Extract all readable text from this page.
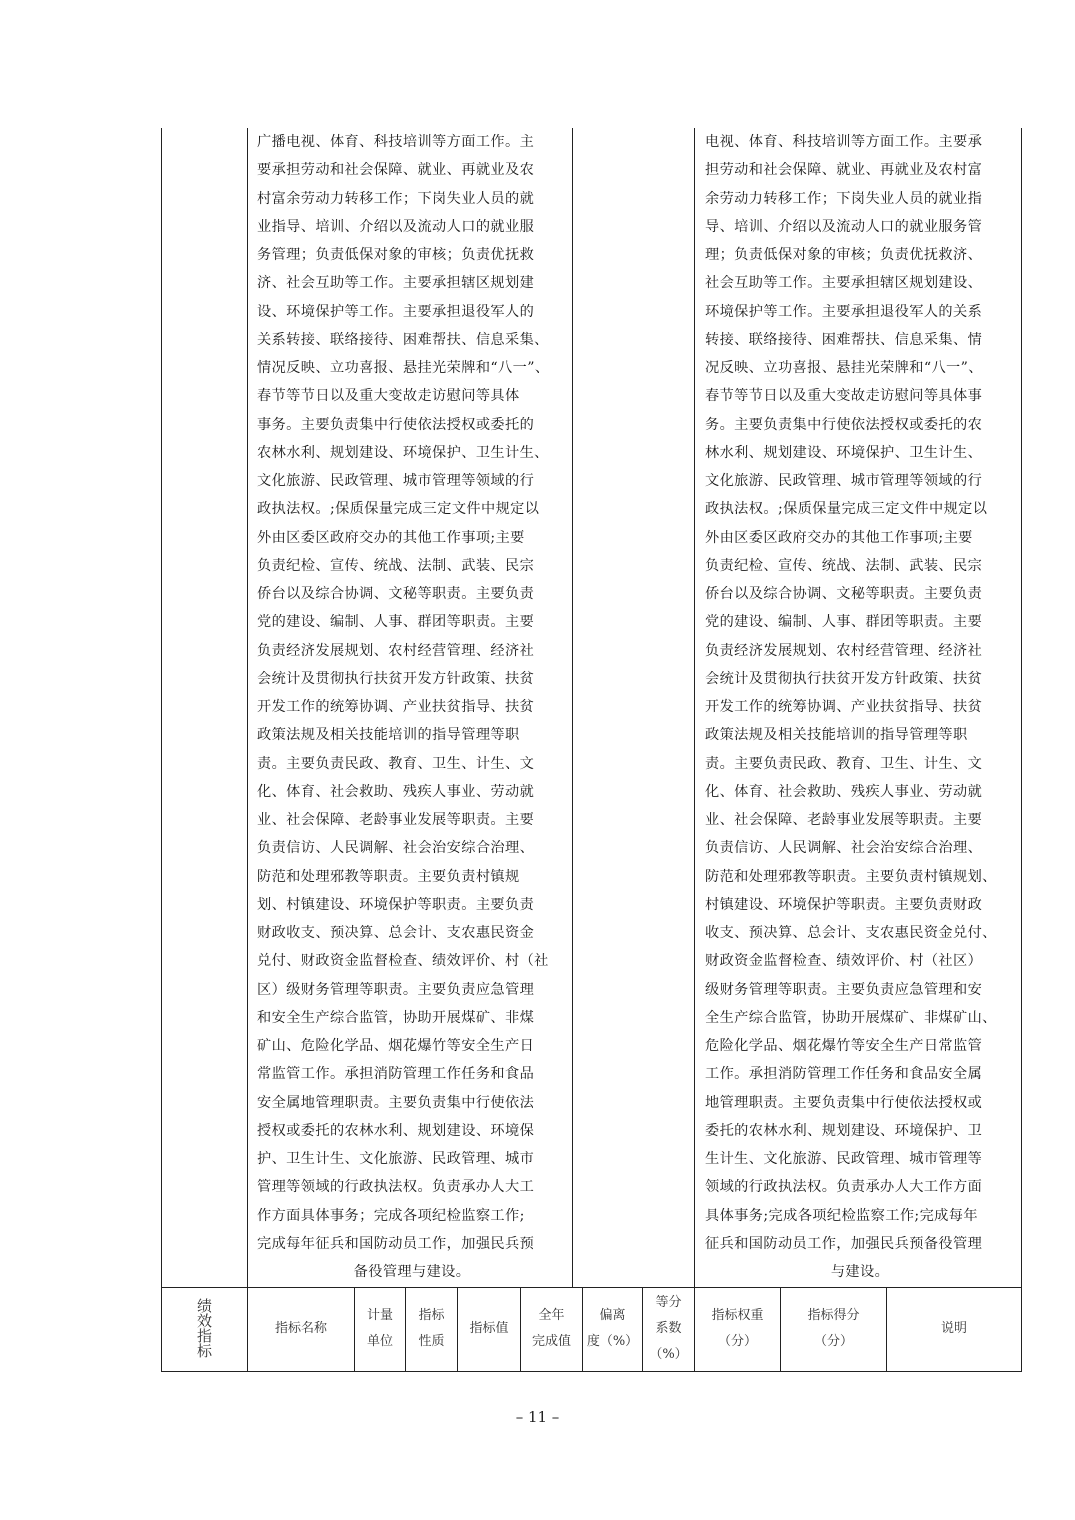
广播电视、体育、科技培训等方面工作。主
要承担劳动和社会保障、就业、再就业及农
村富余劳动力转移工作；下岗失业人员的就
业指导、培训、介绍以及流动人口的就业服
务管理；负责低保对象的审核；负责优抚救
济、社会互助等工作。主要承担辖区规划建
设、环境保护等工作。主要承担退役军人的
关系转接、联络接待、困难帮扶、信息采集、
情况反映、立功喜报、悬挂光荣牌和“八一”、
春节等节日以及重大变故走访慰问等具体
事务。主要负责集中行使依法授权或委托的
农林水利、规划建设、环境保护、卫生计生、
文化旅游、民政管理、城市管理等领域的行
政执法权。;保质保量完成三定文件中规定以
外由区委区政府交办的其他工作事项;主要
负责纪检、宣传、统战、法制、武装、民宗
侨台以及综合协调、文秘等职责。主要负责
党的建设、编制、人事、群团等职责。主要
负责经济发展规划、农村经营管理、经济社
会统计及贯彻执行扶贫开发方针政策、扶贫
开发工作的统筹协调、产业扶贫指导、扶贫
政策法规及相关技能培训的指导管理等职
责。主要负责民政、教育、卫生、计生、文
化、体育、社会救助、残疾人事业、劳动就
业、社会保障、老龄事业发展等职责。主要
负责信访、人民调解、社会治安综合治理、
防范和处理邪教等职责。主要负责村镇规
划、村镇建设、环境保护等职责。主要负责
财政收支、预决算、总会计、支农惠民资金
兑付、财政资金监督检查、绩效评价、村（社
区）级财务管理等职责。主要负责应急管理
和安全生产综合监管，协助开展煤矿、非煤
矿山、危险化学品、烟花爆竹等安全生产日
常监管工作。承担消防管理工作任务和食品
安全属地管理职责。主要负责集中行使依法
授权或委托的农林水利、规划建设、环境保
护、卫生计生、文化旅游、民政管理、城市
管理等领域的行政执法权。负责承办人大工
作方面具体事务；完成各项纪检监察工作;
完成每年征兵和国防动员工作，加强民兵预
备役管理与建设。
电视、体育、科技培训等方面工作。主要承
担劳动和社会保障、就业、再就业及农村富
余劳动力转移工作；下岗失业人员的就业指
导、培训、介绍以及流动人口的就业服务管
理；负责低保对象的审核；负责优抚救济、
社会互助等工作。主要承担辖区规划建设、
环境保护等工作。主要承担退役军人的关系
转接、联络接待、困难帮扶、信息采集、情
况反映、立功喜报、悬挂光荣牌和“八一”、
春节等节日以及重大变故走访慰问等具体事
务。主要负责集中行使依法授权或委托的农
林水利、规划建设、环境保护、卫生计生、
文化旅游、民政管理、城市管理等领域的行
政执法权。;保质保量完成三定文件中规定以
外由区委区政府交办的其他工作事项;主要
负责纪检、宣传、统战、法制、武装、民宗
侨台以及综合协调、文秘等职责。主要负责
党的建设、编制、人事、群团等职责。主要
负责经济发展规划、农村经营管理、经济社
会统计及贯彻执行扶贫开发方针政策、扶贫
开发工作的统筹协调、产业扶贫指导、扶贫
政策法规及相关技能培训的指导管理等职
责。主要负责民政、教育、卫生、计生、文
化、体育、社会救助、残疾人事业、劳动就
业、社会保障、老龄事业发展等职责。主要
负责信访、人民调解、社会治安综合治理、
防范和处理邪教等职责。主要负责村镇规划、
村镇建设、环境保护等职责。主要负责财政
收支、预决算、总会计、支农惠民资金兑付、
财政资金监督检查、绩效评价、村（社区）
级财务管理等职责。主要负责应急管理和安
全生产综合监管，协助开展煤矿、非煤矿山、
危险化学品、烟花爆竹等安全生产日常监管
工作。承担消防管理工作任务和食品安全属
地管理职责。主要负责集中行使依法授权或
委托的农林水利、规划建设、环境保护、卫
生计生、文化旅游、民政管理、城市管理等
领域的行政执法权。负责承办人大工作方面
具体事务;完成各项纪检监察工作;完成每年
征兵和国防动员工作，加强民兵预备役管理
与建设。
绩
效
指
标
指标名称
计量
单位
指标
性质
指标值
全年
完成值
偏离
度（%）
等分
系数
（%）
指标权重
（分）
指标得分
（分）
说明
– 11 –
